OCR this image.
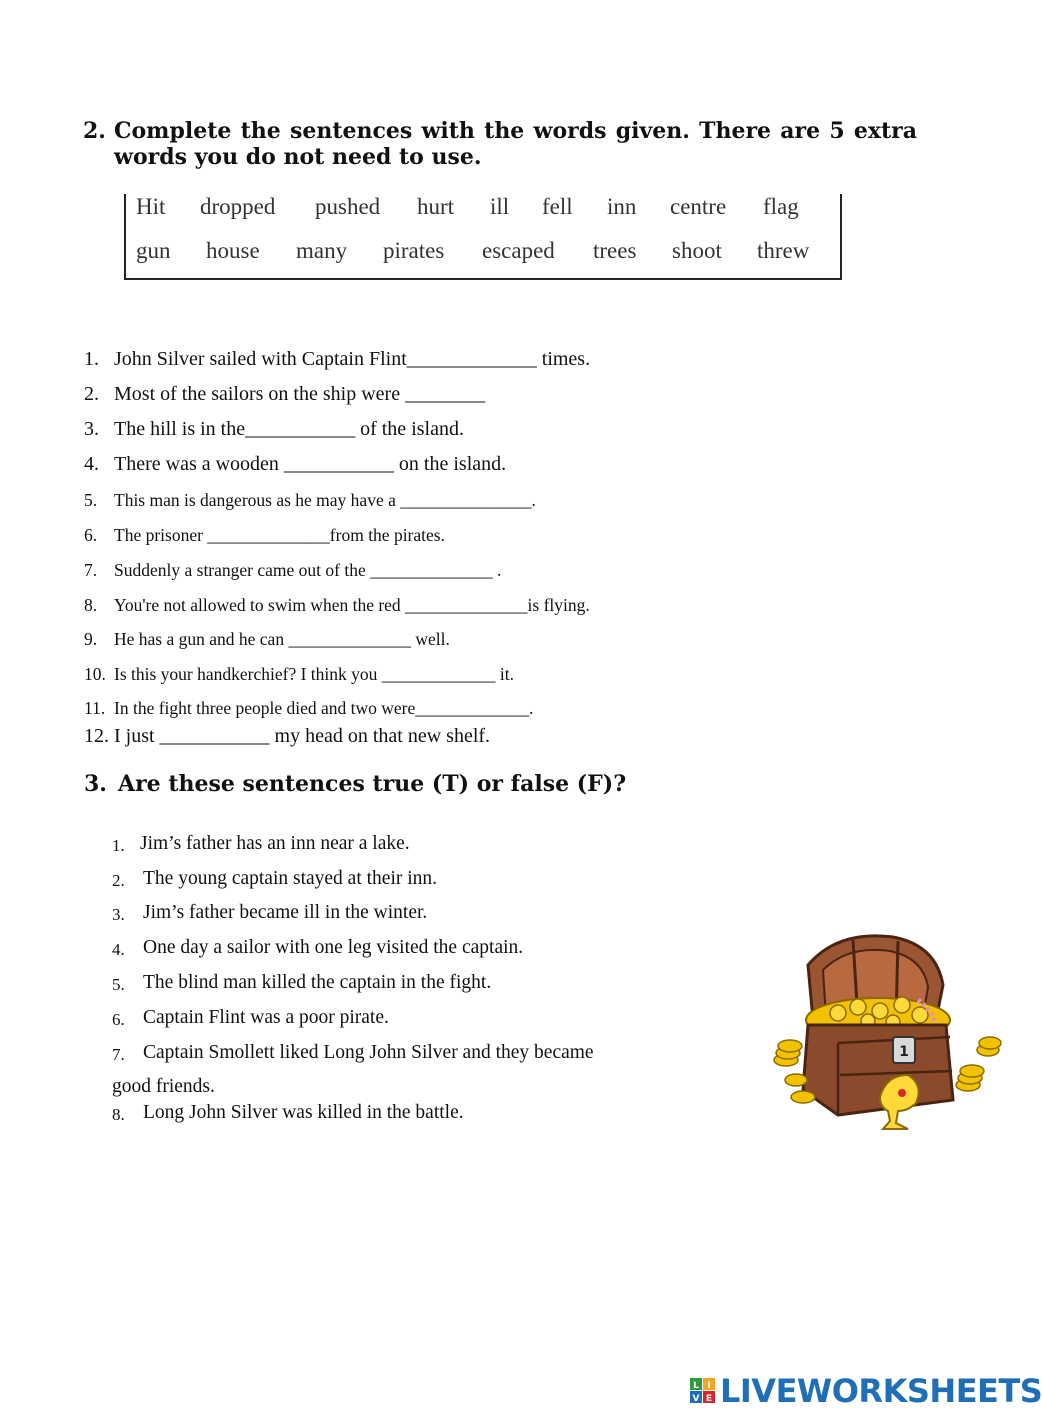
2. Complete the sentences with the words given. There are 5 extra words you do not need to use.
Hit dropped pushed hurt ill fell inn centre flag
gun house many pirates escaped trees shoot threw
1. John Silver sailed with Captain Flint_____________ times.
2. Most of the sailors on the ship were ________
3. The hill is in the___________ of the island.
4. There was a wooden ___________ on the island.
5. This man is dangerous as he may have a _______________.
6. The prisoner ______________from the pirates.
7. Suddenly a stranger came out of the ______________ .
8. You're not allowed to swim when the red ______________is flying.
9. He has a gun and he can ______________ well.
10. Is this your handkerchief? I think you _____________ it.
11. In the fight three people died and two were_____________.
12. I just ___________ my head on that new shelf.
3. Are these sentences true (T) or false (F)?
1. Jim’s father has an inn near a lake.
2. The young captain stayed at their inn.
3. Jim’s father became ill in the winter.
4. One day a sailor with one leg visited the captain.
5. The blind man killed the captain in the fight.
6. Captain Flint was a poor pirate.
7. Captain Smollett liked Long John Silver and they became
good friends.
8. Long John Silver was killed in the battle.
1
L I
V E LIVEWORKSHEETS
